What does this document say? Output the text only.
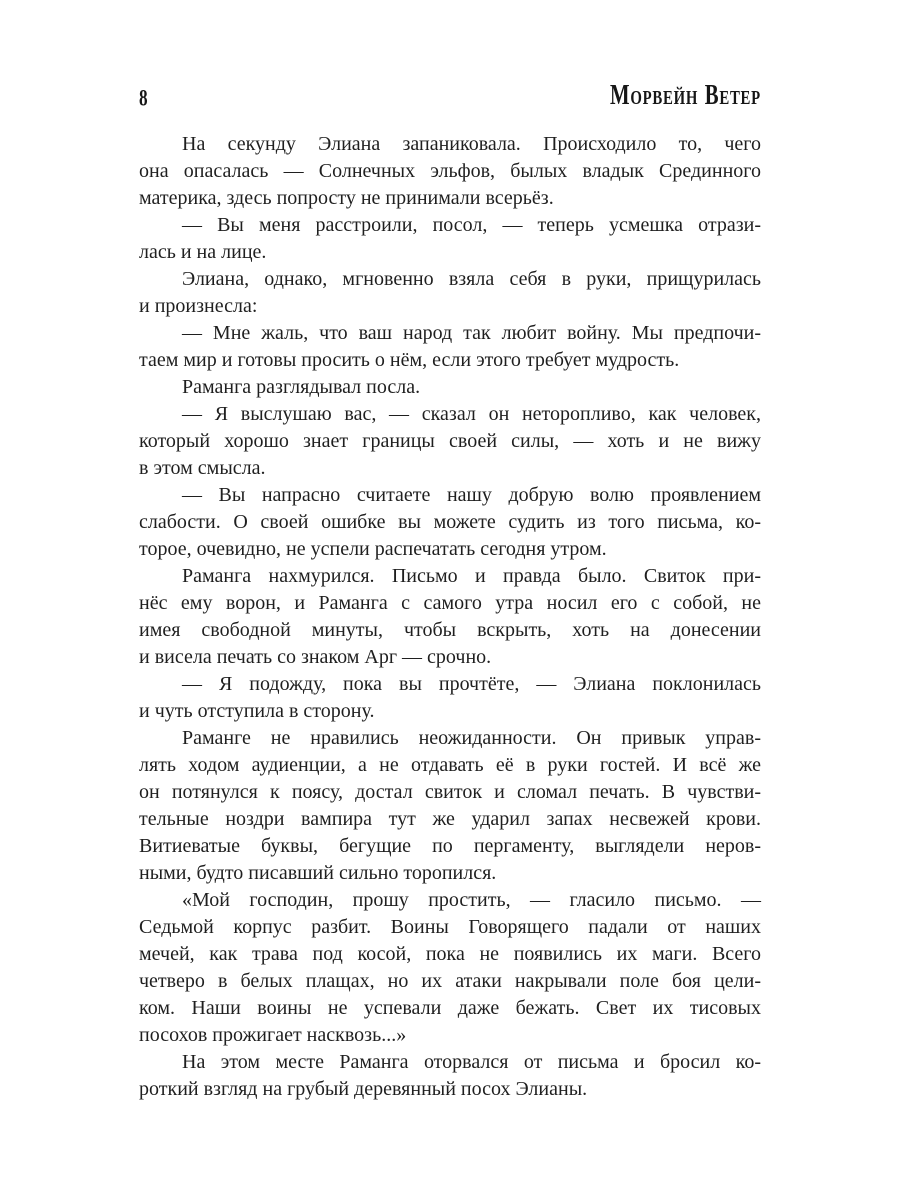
8	МОРВЕЙН ВЕТЕР
На секунду Элиана запаниковала. Происходило то, чего
она опасалась — Солнечных эльфов, былых владык Срединного
материка, здесь попросту не принимали всерьёз.
— Вы меня расстроили, посол, — теперь усмешка отрази-
лась и на лице.
Элиана, однако, мгновенно взяла себя в руки, прищурилась
и произнесла:
— Мне жаль, что ваш народ так любит войну. Мы предпочи-
таем мир и готовы просить о нём, если этого требует мудрость.
Раманга разглядывал посла.
— Я выслушаю вас, — сказал он неторопливо, как человек,
который хорошо знает границы своей силы, — хоть и не вижу
в этом смысла.
— Вы напрасно считаете нашу добрую волю проявлением
слабости. О своей ошибке вы можете судить из того письма, ко-
торое, очевидно, не успели распечатать сегодня утром.
Раманга нахмурился. Письмо и правда было. Свиток при-
нёс ему ворон, и Раманга с самого утра носил его с собой, не
имея свободной минуты, чтобы вскрыть, хоть на донесении
и висела печать со знаком Арг — срочно.
— Я подожду, пока вы прочтёте, — Элиана поклонилась
и чуть отступила в сторону.
Раманге не нравились неожиданности. Он привык управ-
лять ходом аудиенции, а не отдавать её в руки гостей. И всё же
он потянулся к поясу, достал свиток и сломал печать. В чувстви-
тельные ноздри вампира тут же ударил запах несвежей крови.
Витиеватые буквы, бегущие по пергаменту, выглядели неров-
ными, будто писавший сильно торопился.
«Мой господин, прошу простить, — гласило письмо. —
Седьмой корпус разбит. Воины Говорящего падали от наших
мечей, как трава под косой, пока не появились их маги. Всего
четверо в белых плащах, но их атаки накрывали поле боя цели-
ком. Наши воины не успевали даже бежать. Свет их тисовых
посохов прожигает насквозь...»
На этом месте Раманга оторвался от письма и бросил ко-
роткий взгляд на грубый деревянный посох Элианы.
